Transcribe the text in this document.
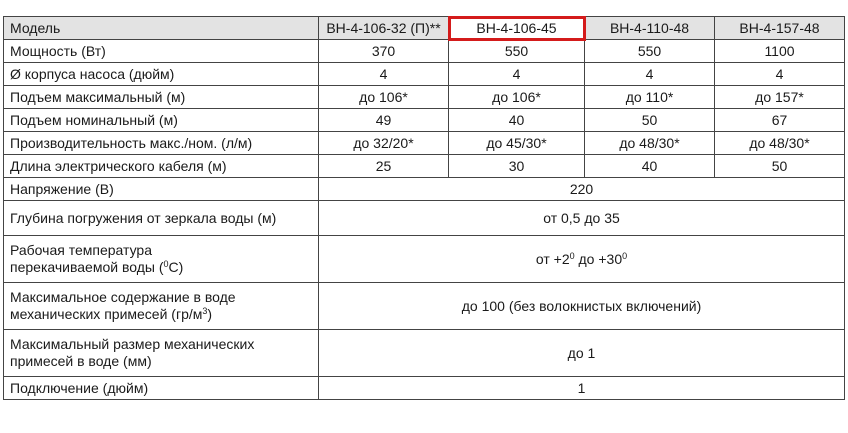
Модель	ВН-4-106-32 (П)**	ВН-4-106-45	ВН-4-110-48	ВН-4-157-48
Мощность (Вт)	370	550	550	1100
Ø корпуса насоса (дюйм)	4	4	4	4
Подъем максимальный (м)	до 106*	до 106*	до 110*	до 157*
Подъем номинальный (м)	49	40	50	67
Производительность макс./ном. (л/м)	до 32/20*	до 45/30*	до 48/30*	до 48/30*
Длина электрического кабеля (м)	25	30	40	50
Напряжение (В)	220			
Глубина погружения от зеркала воды (м)	от 0,5 до 35			
Рабочая температура
перекачиваемой воды ($^0$C)	от $+2^0$ до $+30^0$
Максимальное содержание в воде
механических примесей $(гр/м^3)$	до 100 (без волокнистых включений)			
Максимальный размер механических
примесей в воде (мм)	до 1			
Подключение (дюйм)	1			
